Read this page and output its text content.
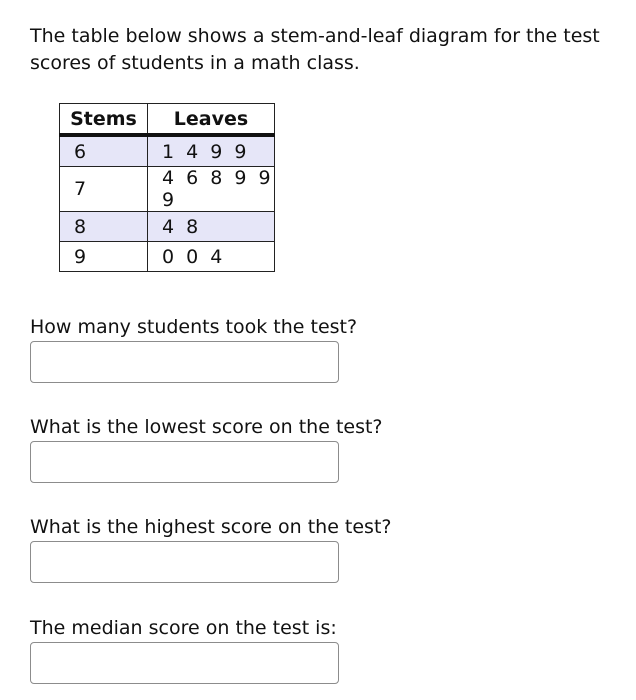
The table below shows a stem-and-leaf diagram for the test scores of students in a math class.

Stems	Leaves
6	1 4 9 9
7	4 6 8 9 9 9
8	4 8
9	0 0 4

How many students took the test?

What is the lowest score on the test?

What is the highest score on the test?

The median score on the test is:
